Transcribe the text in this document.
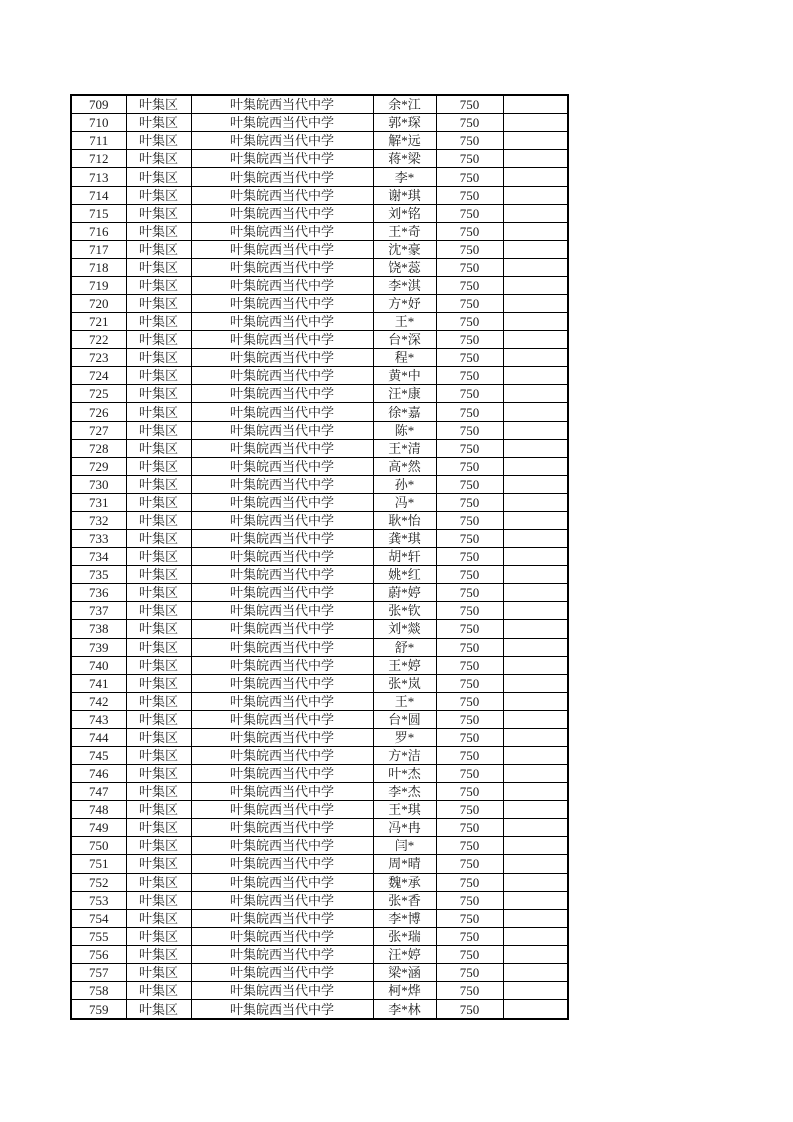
709	叶集区	叶集皖西当代中学	余*江	750	
710	叶集区	叶集皖西当代中学	郭*琛	750	
711	叶集区	叶集皖西当代中学	解*远	750	
712	叶集区	叶集皖西当代中学	蒋*梁	750	
713	叶集区	叶集皖西当代中学	李*	750	
714	叶集区	叶集皖西当代中学	谢*琪	750	
715	叶集区	叶集皖西当代中学	刘*铭	750	
716	叶集区	叶集皖西当代中学	王*奇	750	
717	叶集区	叶集皖西当代中学	沈*豪	750	
718	叶集区	叶集皖西当代中学	饶*蕊	750	
719	叶集区	叶集皖西当代中学	李*淇	750	
720	叶集区	叶集皖西当代中学	方*妤	750	
721	叶集区	叶集皖西当代中学	王*	750	
722	叶集区	叶集皖西当代中学	台*深	750	
723	叶集区	叶集皖西当代中学	程*	750	
724	叶集区	叶集皖西当代中学	黄*中	750	
725	叶集区	叶集皖西当代中学	汪*康	750	
726	叶集区	叶集皖西当代中学	徐*嘉	750	
727	叶集区	叶集皖西当代中学	陈*	750	
728	叶集区	叶集皖西当代中学	王*清	750	
729	叶集区	叶集皖西当代中学	高*然	750	
730	叶集区	叶集皖西当代中学	孙*	750	
731	叶集区	叶集皖西当代中学	冯*	750	
732	叶集区	叶集皖西当代中学	耿*怡	750	
733	叶集区	叶集皖西当代中学	龚*琪	750	
734	叶集区	叶集皖西当代中学	胡*轩	750	
735	叶集区	叶集皖西当代中学	姚*红	750	
736	叶集区	叶集皖西当代中学	蔚*婷	750	
737	叶集区	叶集皖西当代中学	张*钦	750	
738	叶集区	叶集皖西当代中学	刘*燚	750	
739	叶集区	叶集皖西当代中学	舒*	750	
740	叶集区	叶集皖西当代中学	王*婷	750	
741	叶集区	叶集皖西当代中学	张*岚	750	
742	叶集区	叶集皖西当代中学	王*	750	
743	叶集区	叶集皖西当代中学	台*圆	750	
744	叶集区	叶集皖西当代中学	罗*	750	
745	叶集区	叶集皖西当代中学	方*洁	750	
746	叶集区	叶集皖西当代中学	叶*杰	750	
747	叶集区	叶集皖西当代中学	李*杰	750	
748	叶集区	叶集皖西当代中学	王*琪	750	
749	叶集区	叶集皖西当代中学	冯*冉	750	
750	叶集区	叶集皖西当代中学	闫*	750	
751	叶集区	叶集皖西当代中学	周*晴	750	
752	叶集区	叶集皖西当代中学	魏*承	750	
753	叶集区	叶集皖西当代中学	张*香	750	
754	叶集区	叶集皖西当代中学	李*博	750	
755	叶集区	叶集皖西当代中学	张*瑞	750	
756	叶集区	叶集皖西当代中学	汪*婷	750	
757	叶集区	叶集皖西当代中学	梁*涵	750	
758	叶集区	叶集皖西当代中学	柯*烨	750	
759	叶集区	叶集皖西当代中学	李*林	750	
